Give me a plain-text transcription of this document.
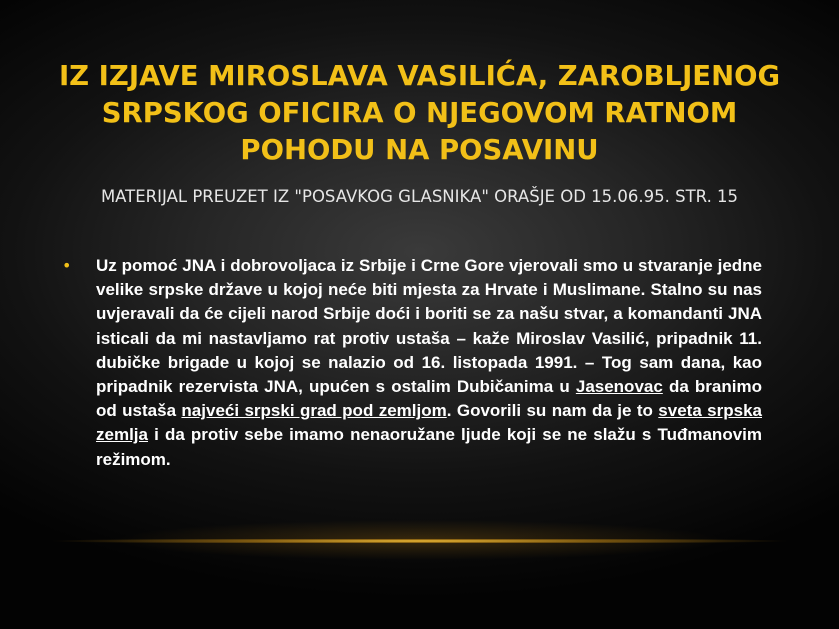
IZ IZJAVE MIROSLAVA VASILIĆA, ZAROBLJENOG SRPSKOG OFICIRA O NJEGOVOM RATNOM POHODU NA POSAVINU

MATERIJAL PREUZET IZ "POSAVKOG GLASNIKA" ORAŠJE OD 15.06.95. STR. 15

• Uz pomoć JNA i dobrovoljaca iz Srbije i Crne Gore vjerovali smo u stvaranje jedne velike srpske države u kojoj neće biti mjesta za Hrvate i Muslimane. Stalno su nas uvjeravali da će cijeli narod Srbije doći i boriti se za našu stvar, a komandanti JNA isticali da mi nastavljamo rat protiv ustaša – kaže Miroslav Vasilić, pripadnik 11. dubičke brigade u kojoj se nalazio od 16. listopada 1991. – Tog sam dana, kao pripadnik rezervista JNA, upućen s ostalim Dubičanima u Jasenovac da branimo od ustaša najveći srpski grad pod zemljom. Govorili su nam da je to sveta srpska zemlja i da protiv sebe imamo nenaoružane ljude koji se ne slažu s Tuđmanovim režimom.
